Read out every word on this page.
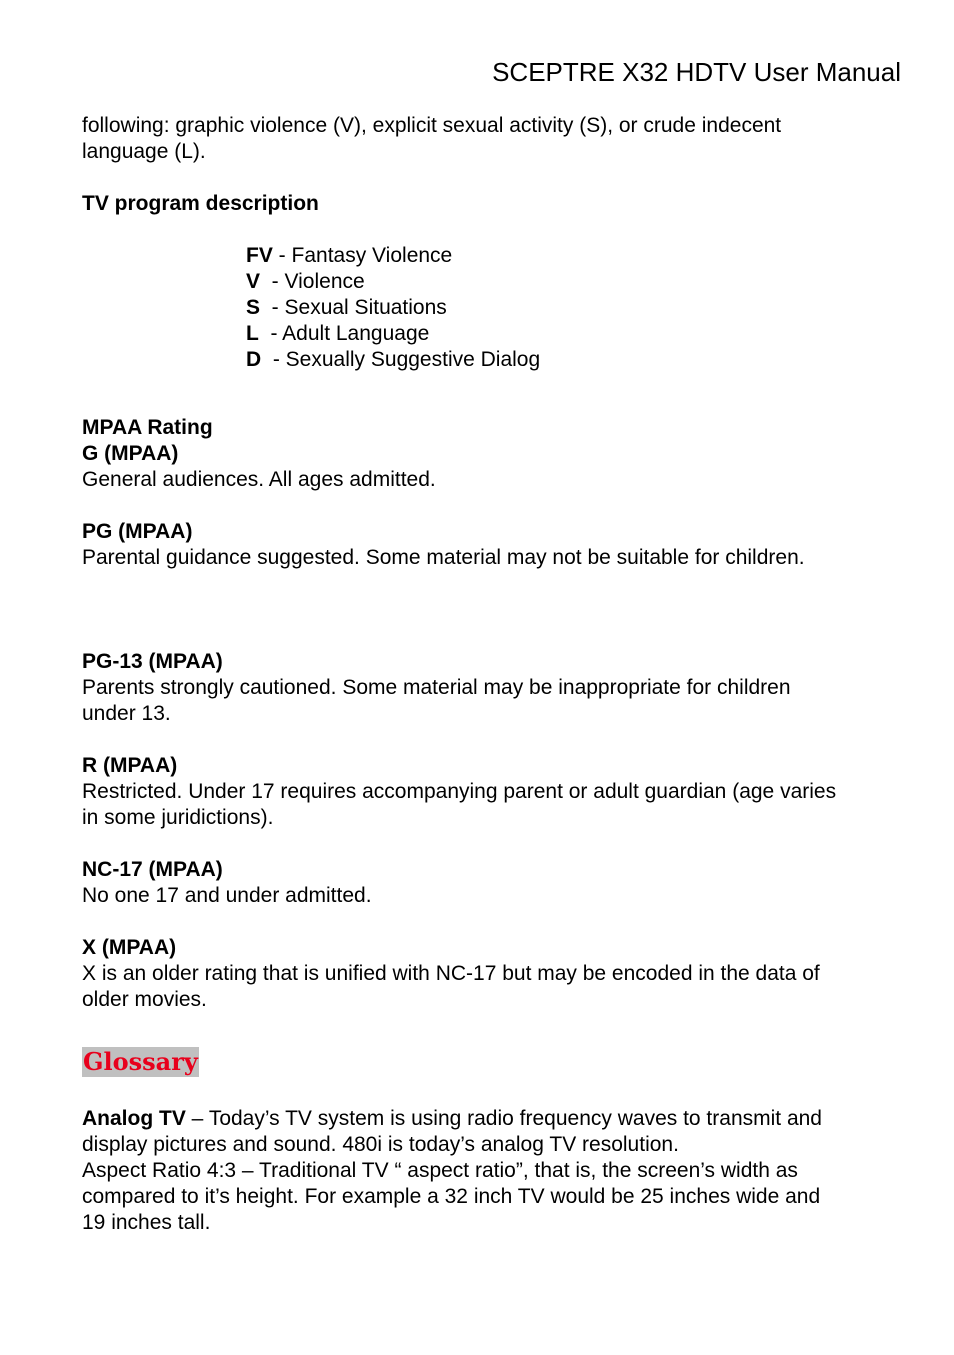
SCEPTRE X32 HDTV User Manual

following: graphic violence (V), explicit sexual activity (S), or crude indecent

language (L).

TV program description

FV - Fantasy Violence
V  - Violence
S  - Sexual Situations
L  - Adult Language
D  - Sexually Suggestive Dialog

MPAA Rating

G (MPAA)

General audiences. All ages admitted.

PG (MPAA)

Parental guidance suggested. Some material may not be suitable for children.

PG-13 (MPAA)

Parents strongly cautioned. Some material may be inappropriate for children

under 13.

R (MPAA)

Restricted. Under 17 requires accompanying parent or adult guardian (age varies

in some juridictions).

NC-17 (MPAA)

No one 17 and under admitted.

X (MPAA)

X is an older rating that is unified with NC-17 but may be encoded in the data of

older movies.

Glossary

Analog TV – Today’s TV system is using radio frequency waves to transmit and

display pictures and sound. 480i is today’s analog TV resolution.

Aspect Ratio 4:3 – Traditional TV “ aspect ratio”, that is, the screen’s width as

compared to it’s height. For example a 32 inch TV would be 25 inches wide and

19 inches tall.
